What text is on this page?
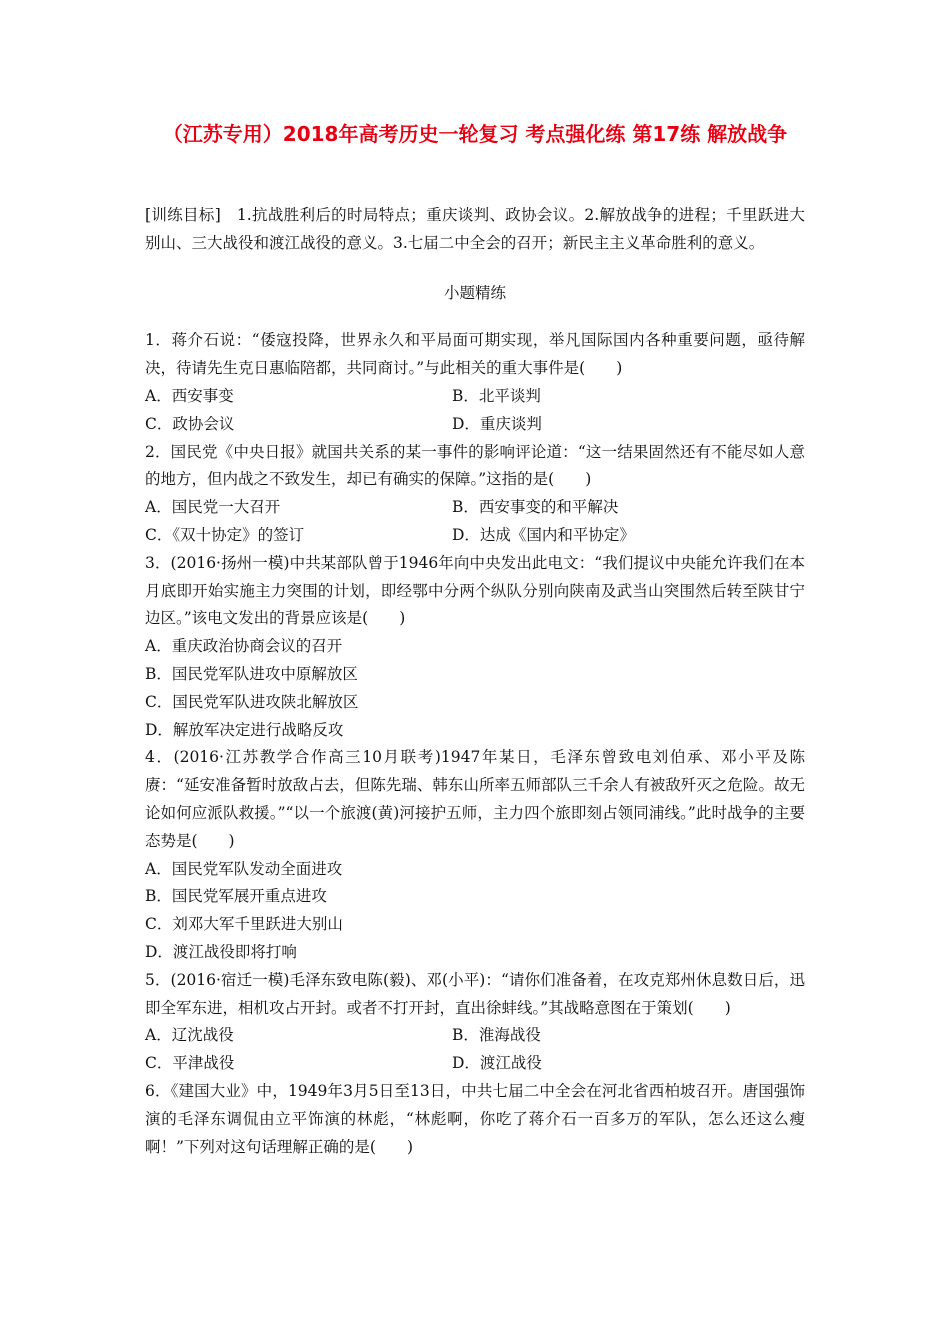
（江苏专用）2018年高考历史一轮复习 考点强化练 第17练 解放战争

[训练目标]　1.抗战胜利后的时局特点；重庆谈判、政协会议。2.解放战争的进程；千里跃进大别山、三大战役和渡江战役的意义。3.七届二中全会的召开；新民主主义革命胜利的意义。

小题精练

1．蒋介石说：“倭寇投降，世界永久和平局面可期实现，举凡国际国内各种重要问题，亟待解决，待请先生克日惠临陪都，共同商讨。”与此相关的重大事件是(　　)

A．西安事变	B．北平谈判

C．政协会议	D．重庆谈判

2．国民党《中央日报》就国共关系的某一事件的影响评论道：“这一结果固然还有不能尽如人意的地方，但内战之不致发生，却已有确实的保障。”这指的是(　　)

A．国民党一大召开	B．西安事变的和平解决

C．《双十协定》的签订	D．达成《国内和平协定》

3．(2016·扬州一模)中共某部队曾于1946年向中央发出此电文：“我们提议中央能允许我们在本月底即开始实施主力突围的计划，即经鄂中分两个纵队分别向陕南及武当山突围然后转至陕甘宁边区。”该电文发出的背景应该是(　　)

A．重庆政治协商会议的召开

B．国民党军队进攻中原解放区

C．国民党军队进攻陕北解放区

D．解放军决定进行战略反攻

4．(2016·江苏教学合作高三10月联考)1947年某日，毛泽东曾致电刘伯承、邓小平及陈赓：“延安准备暂时放敌占去，但陈先瑞、韩东山所率五师部队三千余人有被敌歼灭之危险。故无论如何应派队救援。”“以一个旅渡(黄)河接护五师，主力四个旅即刻占领同浦线。”此时战争的主要态势是(　　)

A．国民党军队发动全面进攻

B．国民党军展开重点进攻

C．刘邓大军千里跃进大别山

D．渡江战役即将打响

5．(2016·宿迁一模)毛泽东致电陈(毅)、邓(小平)：“请你们准备着，在攻克郑州休息数日后，迅即全军东进，相机攻占开封。或者不打开封，直出徐蚌线。”其战略意图在于策划(　　)

A．辽沈战役	B．淮海战役

C．平津战役	D．渡江战役

6．《建国大业》中，1949年3月5日至13日，中共七届二中全会在河北省西柏坡召开。唐国强饰演的毛泽东调侃由立平饰演的林彪，“林彪啊，你吃了蒋介石一百多万的军队，怎么还这么瘦啊！”下列对这句话理解正确的是(　　)
